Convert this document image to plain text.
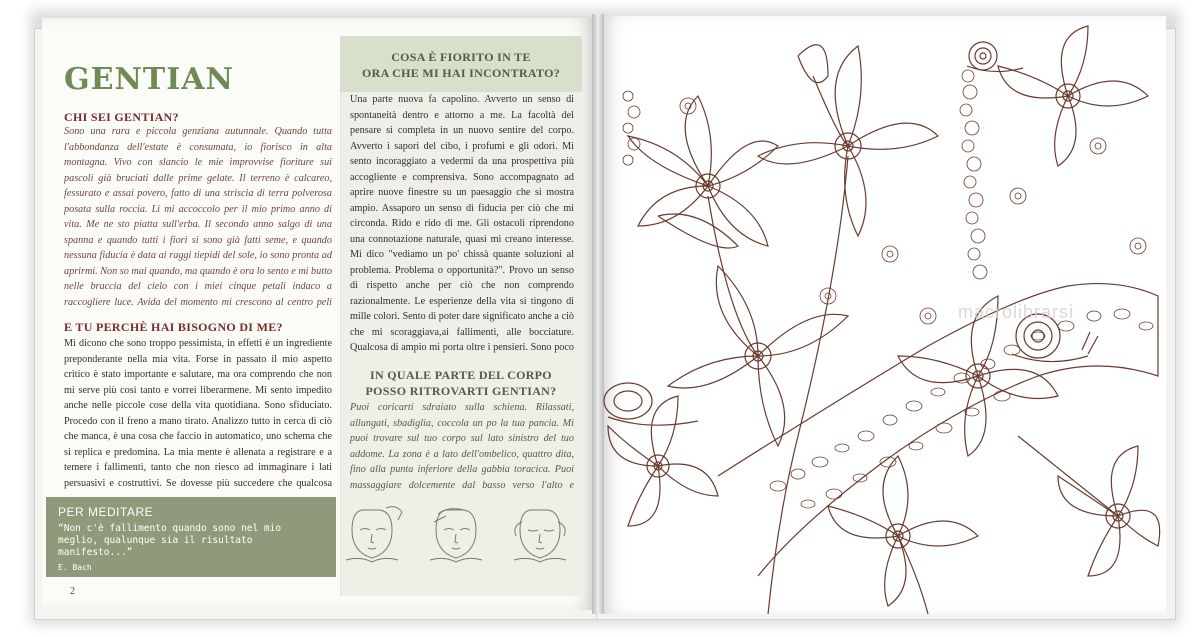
GENTIAN
CHI SEI GENTIAN?
Sono una rara e piccola genziana autunnale. Quando tutta l'abbondanza dell'estate è consumata, io fiorisco in alta montagna. Vivo con slancio le mie improvvise fioriture sui pascoli già bruciati dalle prime gelate. Il terreno è calcareo, fessurato e assai povero, fatto di una striscia di terra polverosa posata sulla roccia. Lì mi accoccolo per il mio primo anno di vita. Me ne sto piatta sull'erba. Il secondo anno salgo di una spanna e quando tutti i fiori si sono già fatti seme, e quando nessuna fiducia è data ai raggi tiepidi del sole, io sono pronta ad aprirmi. Non so mai quando, ma quando è ora lo sento e mi butto nelle braccia del cielo con i miei cinque petali indaco a raccogliere luce. Avida del momento mi crescono al centro peli
E TU PERCHÈ HAI BISOGNO DI ME?
Mi dicono che sono troppo pessimista, in effetti è un ingrediente preponderante nella mia vita. Forse in passato il mio aspetto critico è stato importante e salutare, ma ora comprendo che non mi serve più così tanto e vorrei liberarmene. Mi sento impedito anche nelle piccole cose della vita quotidiana. Sono sfiduciato. Procedo con il freno a mano tirato. Analizzo tutto in cerca di ciò che manca, è una cosa che faccio in automatico, uno schema che si replica e predomina. La mia mente è allenata a registrare e a temere i fallimenti, tanto che non riesco ad immaginare i lati persuasivi e costruttivi. Se dovesse più succedere che qualcosa
PER MEDITARE
“Non c'è fallimento quando sono nel mio meglio, qualunque sia il risultato manifesto...”
E. Bach
2
COSA È FIORITO IN TE
ORA CHE MI HAI INCONTRATO?
Una parte nuova fa capolino. Avverto un senso di spontaneità dentro e attorno a me. La facoltà del pensare si completa in un nuovo sentire del corpo. Avverto i sapori del cibo, i profumi e gli odori. Mi sento incoraggiato a vedermi da una prospettiva più accogliente e comprensiva. Sono accompagnato ad aprire nuove finestre su un paesaggio che si mostra ampio. Assaporo un senso di fiducia per ciò che mi circonda. Rido e rido di me. Gli ostacoli riprendono una connotazione naturale, quasi mi creano interesse. Mi dico "vediamo un po' chissà quante soluzioni al problema. Problema o opportunità?". Provo un senso di rispetto anche per ciò che non comprendo razionalmente. Le esperienze della vita si tingono di mille colori. Sento di poter dare significato anche a ciò che mi scoraggiava,ai fallimenti, alle bocciature. Qualcosa di ampio mi porta oltre i pensieri. Sono poco
IN QUALE PARTE DEL CORPO
POSSO RITROVARTI GENTIAN?
Puoi coricarti sdraiato sulla schiena. Rilassati, allungati, sbadiglia, coccola un po la tua pancia. Mi puoi trovare sul tuo corpo sul lato sinistro del tuo addome. La zona è a lato dell'ombelico, quattro dita, fino alla punta inferiore della gabbia toracica. Puoi massaggiare dolcemente dal basso verso l'alto e
macrolibrarsi
